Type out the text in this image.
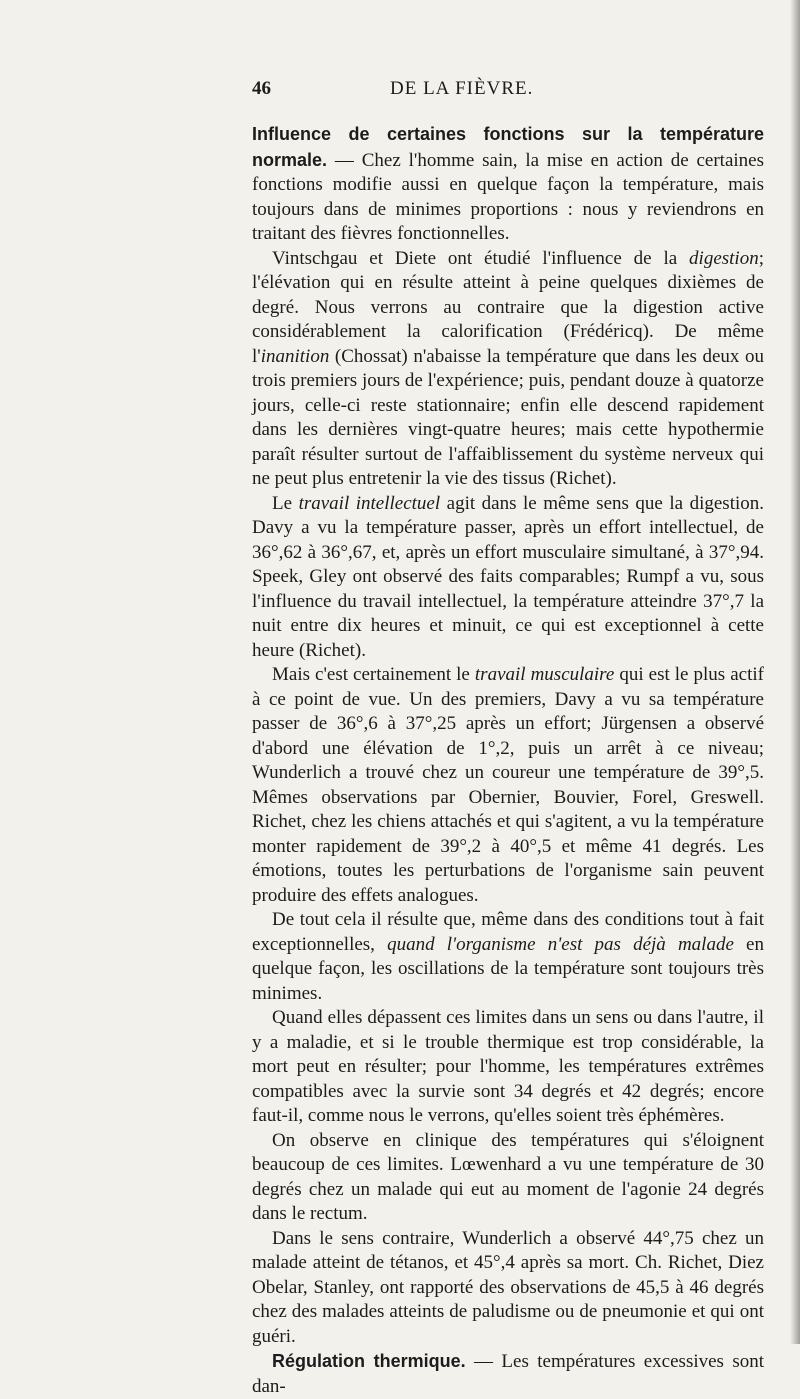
46	DE LA FIÈVRE.

Influence de certaines fonctions sur la température normale. — Chez l'homme sain, la mise en action de certaines fonctions modifie aussi en quelque façon la température, mais toujours dans de minimes proportions : nous y reviendrons en traitant des fièvres fonctionnelles.

Vintschgau et Diete ont étudié l'influence de la digestion; l'élévation qui en résulte atteint à peine quelques dixièmes de degré. Nous verrons au contraire que la digestion active considérablement la calorification (Frédéricq). De même l'inanition (Chossat) n'abaisse la température que dans les deux ou trois premiers jours de l'expérience; puis, pendant douze à quatorze jours, celle-ci reste stationnaire; enfin elle descend rapidement dans les dernières vingt-quatre heures; mais cette hypothermie paraît résulter surtout de l'affaiblissement du système nerveux qui ne peut plus entretenir la vie des tissus (Richet).

Le travail intellectuel agit dans le même sens que la digestion. Davy a vu la température passer, après un effort intellectuel, de 36°,62 à 36°,67, et, après un effort musculaire simultané, à 37°,94. Speek, Gley ont observé des faits comparables; Rumpf a vu, sous l'influence du travail intellectuel, la température atteindre 37°,7 la nuit entre dix heures et minuit, ce qui est exceptionnel à cette heure (Richet).

Mais c'est certainement le travail musculaire qui est le plus actif à ce point de vue. Un des premiers, Davy a vu sa température passer de 36°,6 à 37°,25 après un effort; Jürgensen a observé d'abord une élévation de 1°,2, puis un arrêt à ce niveau; Wunderlich a trouvé chez un coureur une température de 39°,5. Mêmes observations par Obernier, Bouvier, Forel, Greswell. Richet, chez les chiens attachés et qui s'agitent, a vu la température monter rapidement de 39°,2 à 40°,5 et même 41 degrés. Les émotions, toutes les perturbations de l'organisme sain peuvent produire des effets analogues.

De tout cela il résulte que, même dans des conditions tout à fait exceptionnelles, quand l'organisme n'est pas déjà malade en quelque façon, les oscillations de la température sont toujours très minimes.

Quand elles dépassent ces limites dans un sens ou dans l'autre, il y a maladie, et si le trouble thermique est trop considérable, la mort peut en résulter; pour l'homme, les températures extrêmes compatibles avec la survie sont 34 degrés et 42 degrés; encore faut-il, comme nous le verrons, qu'elles soient très éphémères.

On observe en clinique des températures qui s'éloignent beaucoup de ces limites. Lœwenhard a vu une température de 30 degrés chez un malade qui eut au moment de l'agonie 24 degrés dans le rectum.

Dans le sens contraire, Wunderlich a observé 44°,75 chez un malade atteint de tétanos, et 45°,4 après sa mort. Ch. Richet, Diez Obelar, Stanley, ont rapporté des observations de 45,5 à 46 degrés chez des malades atteints de paludisme ou de pneumonie et qui ont guéri.

Régulation thermique. — Les températures excessives sont dan-
